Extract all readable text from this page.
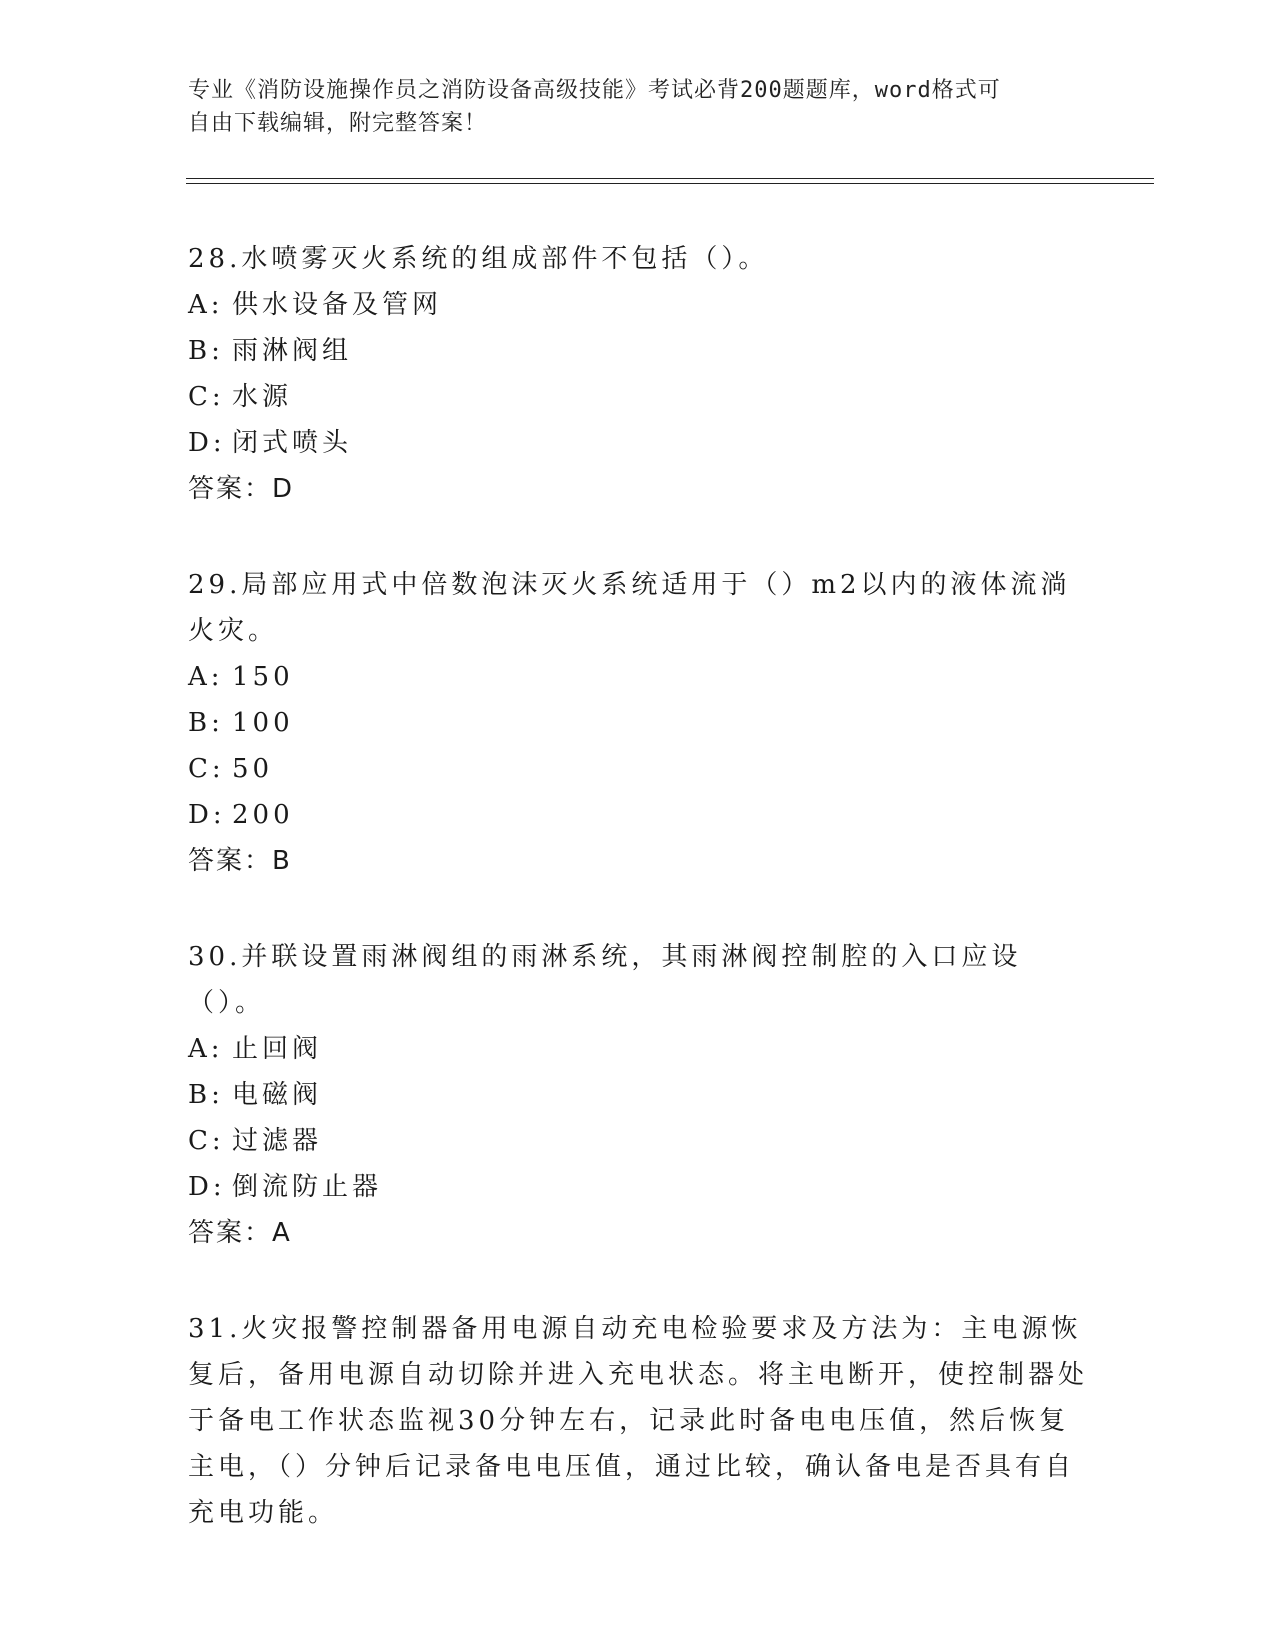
专业《消防设施操作员之消防设备高级技能》考试必背200题题库，word格式可
自由下载编辑，附完整答案！
28.水喷雾灭火系统的组成部件不包括（）。
A: 供水设备及管网
B: 雨淋阀组
C: 水源
D: 闭式喷头
答案：D
29.局部应用式中倍数泡沫灭火系统适用于（）m2以内的液体流淌火灾。
A: 150
B: 100
C: 50
D: 200
答案：B
30.并联设置雨淋阀组的雨淋系统，其雨淋阀控制腔的入口应设（）。
A: 止回阀
B: 电磁阀
C: 过滤器
D: 倒流防止器
答案：A
31.火灾报警控制器备用电源自动充电检验要求及方法为：主电源恢复后，备用电源自动切除并进入充电状态。将主电断开，使控制器处于备电工作状态监视30分钟左右，记录此时备电电压值，然后恢复主电，（）分钟后记录备电电压值，通过比较，确认备电是否具有自充电功能。
